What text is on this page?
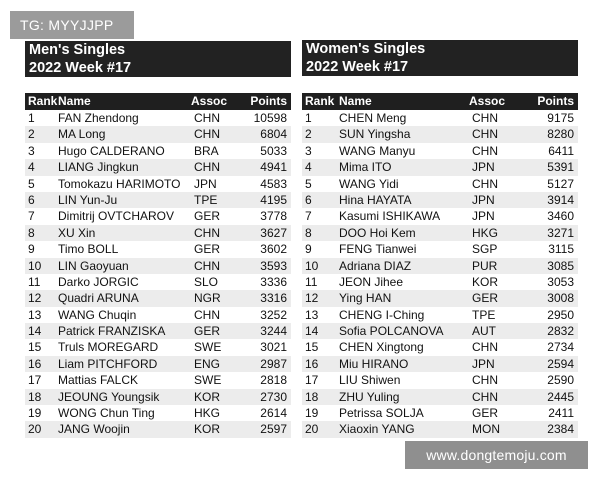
TG: MYYJJPP
Men's Singles
2022 Week #17
Rank Name	Assoc	Points
1	FAN Zhendong	CHN	10598
2	MA Long	CHN	6804
3	Hugo CALDERANO	BRA	5033
4	LIANG Jingkun	CHN	4941
5	Tomokazu HARIMOTO	JPN	4583
6	LIN Yun-Ju	TPE	4195
7	Dimitrij OVTCHAROV	GER	3778
8	XU Xin	CHN	3627
9	Timo BOLL	GER	3602
10	LIN Gaoyuan	CHN	3593
11	Darko JORGIC	SLO	3336
12	Quadri ARUNA	NGR	3316
13	WANG Chuqin	CHN	3252
14	Patrick FRANZISKA	GER	3244
15	Truls MOREGARD	SWE	3021
16	Liam PITCHFORD	ENG	2987
17	Mattias FALCK	SWE	2818
18	JEOUNG Youngsik	KOR	2730
19	WONG Chun Ting	HKG	2614
20	JANG Woojin	KOR	2597
Women's Singles
2022 Week #17
Rank Name	Assoc	Points
1	CHEN Meng	CHN	9175
2	SUN Yingsha	CHN	8280
3	WANG Manyu	CHN	6411
4	Mima ITO	JPN	5391
5	WANG Yidi	CHN	5127
6	Hina HAYATA	JPN	3914
7	Kasumi ISHIKAWA	JPN	3460
8	DOO Hoi Kem	HKG	3271
9	FENG Tianwei	SGP	3115
10	Adriana DIAZ	PUR	3085
11	JEON Jihee	KOR	3053
12	Ying HAN	GER	3008
13	CHENG I-Ching	TPE	2950
14	Sofia POLCANOVA	AUT	2832
15	CHEN Xingtong	CHN	2734
16	Miu HIRANO	JPN	2594
17	LIU Shiwen	CHN	2590
18	ZHU Yuling	CHN	2445
19	Petrissa SOLJA	GER	2411
20	Xiaoxin YANG	MON	2384
www.dongtemoju.com
